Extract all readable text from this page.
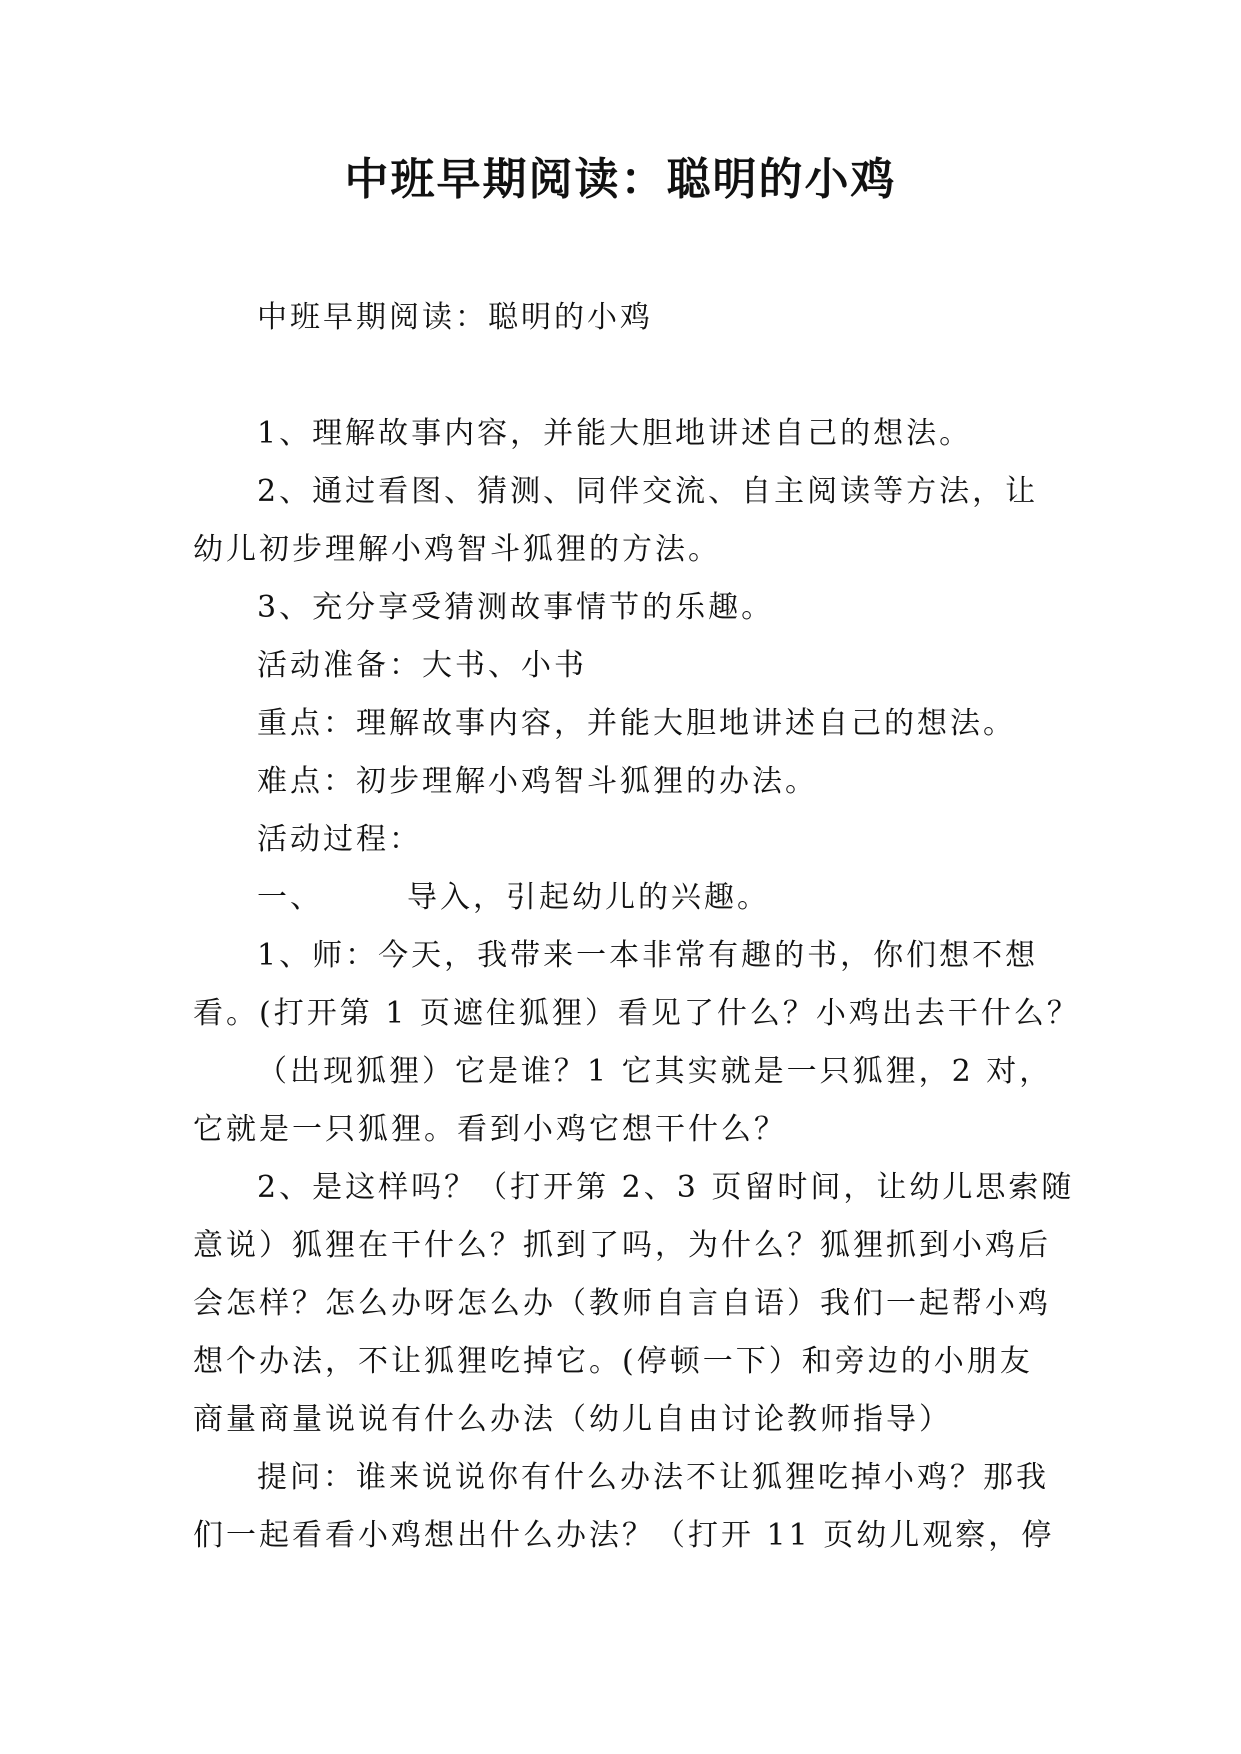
中班早期阅读：聪明的小鸡

中班早期阅读：聪明的小鸡

1、理解故事内容，并能大胆地讲述自己的想法。

2、通过看图、猜测、同伴交流、自主阅读等方法，让

幼儿初步理解小鸡智斗狐狸的方法。

3、充分享受猜测故事情节的乐趣。

活动准备：大书、小书

重点：理解故事内容，并能大胆地讲述自己的想法。

难点：初步理解小鸡智斗狐狸的办法。

活动过程：

一、　　　导入，引起幼儿的兴趣。

1、师：今天，我带来一本非常有趣的书，你们想不想

看。(打开第 1 页遮住狐狸）看见了什么？小鸡出去干什么？

（出现狐狸）它是谁？1 它其实就是一只狐狸，2 对，

它就是一只狐狸。看到小鸡它想干什么？

2、是这样吗？（打开第 2、3 页留时间，让幼儿思索随

意说）狐狸在干什么？抓到了吗，为什么？狐狸抓到小鸡后

会怎样？怎么办呀怎么办（教师自言自语）我们一起帮小鸡

想个办法，不让狐狸吃掉它。(停顿一下）和旁边的小朋友

商量商量说说有什么办法（幼儿自由讨论教师指导）

提问：谁来说说你有什么办法不让狐狸吃掉小鸡？那我

们一起看看小鸡想出什么办法？（打开 11 页幼儿观察，停
